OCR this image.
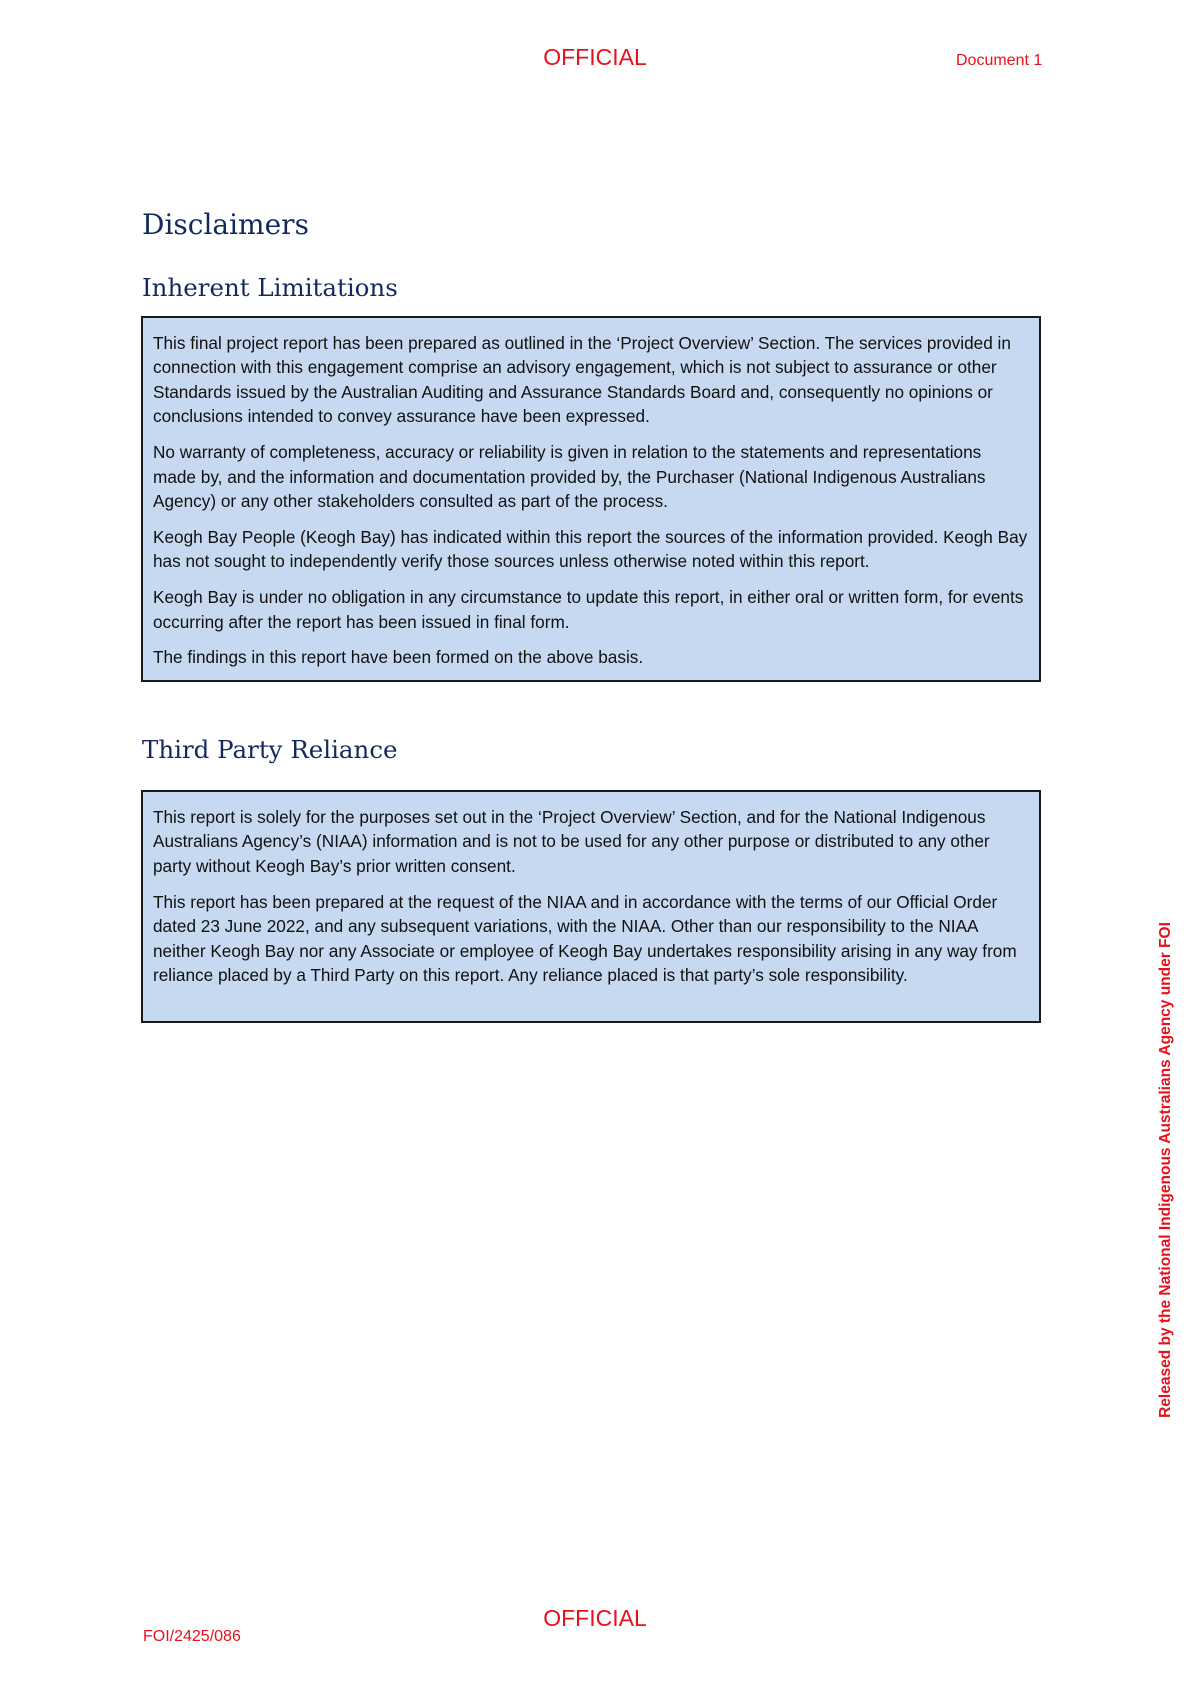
OFFICIAL	Document 1
Disclaimers
Inherent Limitations

This final project report has been prepared as outlined in the ‘Project Overview’ Section. The services provided in connection with this engagement comprise an advisory engagement, which is not subject to assurance or other Standards issued by the Australian Auditing and Assurance Standards Board and, consequently no opinions or conclusions intended to convey assurance have been expressed.

No warranty of completeness, accuracy or reliability is given in relation to the statements and representations made by, and the information and documentation provided by, the Purchaser (National Indigenous Australians Agency) or any other stakeholders consulted as part of the process.

Keogh Bay People (Keogh Bay) has indicated within this report the sources of the information provided. Keogh Bay has not sought to independently verify those sources unless otherwise noted within this report.

Keogh Bay is under no obligation in any circumstance to update this report, in either oral or written form, for events occurring after the report has been issued in final form.

The findings in this report have been formed on the above basis.

Third Party Reliance

This report is solely for the purposes set out in the ‘Project Overview’ Section, and for the National Indigenous Australians Agency’s (NIAA) information and is not to be used for any other purpose or distributed to any other party without Keogh Bay’s prior written consent.

This report has been prepared at the request of the NIAA and in accordance with the terms of our Official Order dated 23 June 2022, and any subsequent variations, with the NIAA. Other than our responsibility to the NIAA neither Keogh Bay nor any Associate or employee of Keogh Bay undertakes responsibility arising in any way from reliance placed by a Third Party on this report. Any reliance placed is that party’s sole responsibility.	Released by the National Indigenous Australians Agency under FOI
FOI/2425/086
OFFICIAL
